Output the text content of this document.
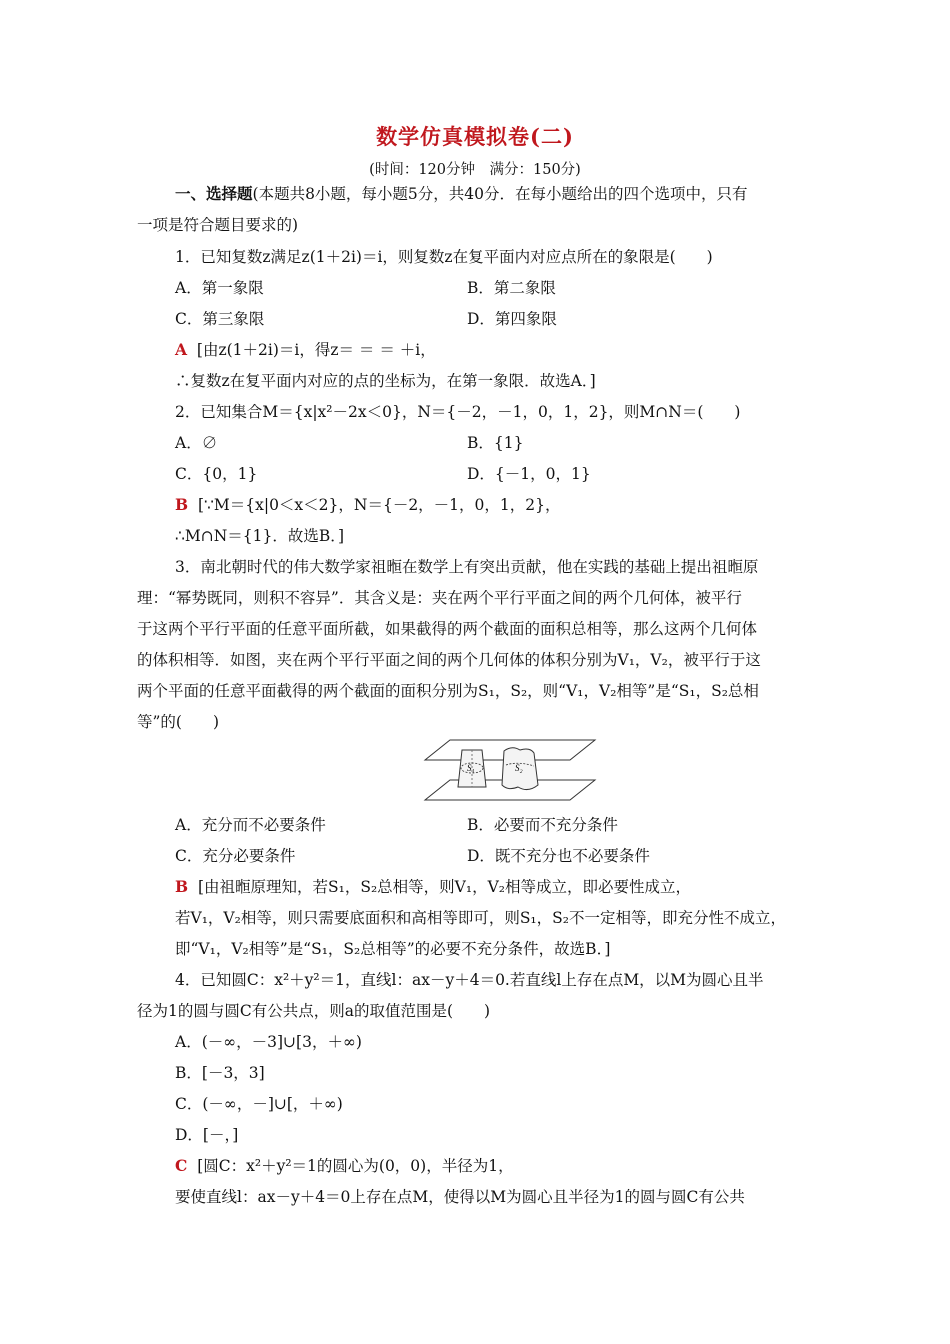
数学仿真模拟卷(二)
(时间：120分钟　满分：150分)
一、选择题(本题共8小题，每小题5分，共40分．在每小题给出的四个选项中，只有
一项是符合题目要求的)
1．已知复数z满足z(1＋2i)＝i，则复数z在复平面内对应点所在的象限是(　　)
A．第一象限	B．第二象限
C．第三象限	D．第四象限
A [由z(1＋2i)＝i，得z＝ ＝ ＝ ＋i，
∴复数z在复平面内对应的点的坐标为，在第一象限．故选A．]
2．已知集合M＝{x|x²－2x＜0}，N＝{－2，－1，0，1，2}，则M∩N＝(　　)
A．∅	B．{1}
C．{0，1}	D．{－1，0，1}
B [∵M＝{x|0＜x＜2}，N＝{－2，－1，0，1，2}，
∴M∩N＝{1}．故选B．]
3．南北朝时代的伟大数学家祖暅在数学上有突出贡献，他在实践的基础上提出祖暅原
理：“幂势既同，则积不容异”．其含义是：夹在两个平行平面之间的两个几何体，被平行
于这两个平行平面的任意平面所截，如果截得的两个截面的面积总相等，那么这两个几何体
的体积相等．如图，夹在两个平行平面之间的两个几何体的体积分别为V₁，V₂，被平行于这
两个平面的任意平面截得的两个截面的面积分别为S₁，S₂，则“V₁，V₂相等”是“S₁，S₂总相
等”的(　　)
S₁	S₂
A．充分而不必要条件	B．必要而不充分条件
C．充分必要条件	D．既不充分也不必要条件
B [由祖暅原理知，若S₁，S₂总相等，则V₁，V₂相等成立，即必要性成立，
若V₁，V₂相等，则只需要底面积和高相等即可，则S₁，S₂不一定相等，即充分性不成立，
即“V₁，V₂相等”是“S₁，S₂总相等”的必要不充分条件，故选B．]
4．已知圆C：x²＋y²＝1，直线l：ax－y＋4＝0.若直线l上存在点M，以M为圆心且半
径为1的圆与圆C有公共点，则a的取值范围是(　　)
A．(－∞，－3]∪[3，＋∞)
B．[－3，3]
C．(－∞，－]∪[，＋∞)
D．[－，]
C [圆C：x²＋y²＝1的圆心为(0，0)，半径为1，
要使直线l：ax－y＋4＝0上存在点M，使得以M为圆心且半径为1的圆与圆C有公共
